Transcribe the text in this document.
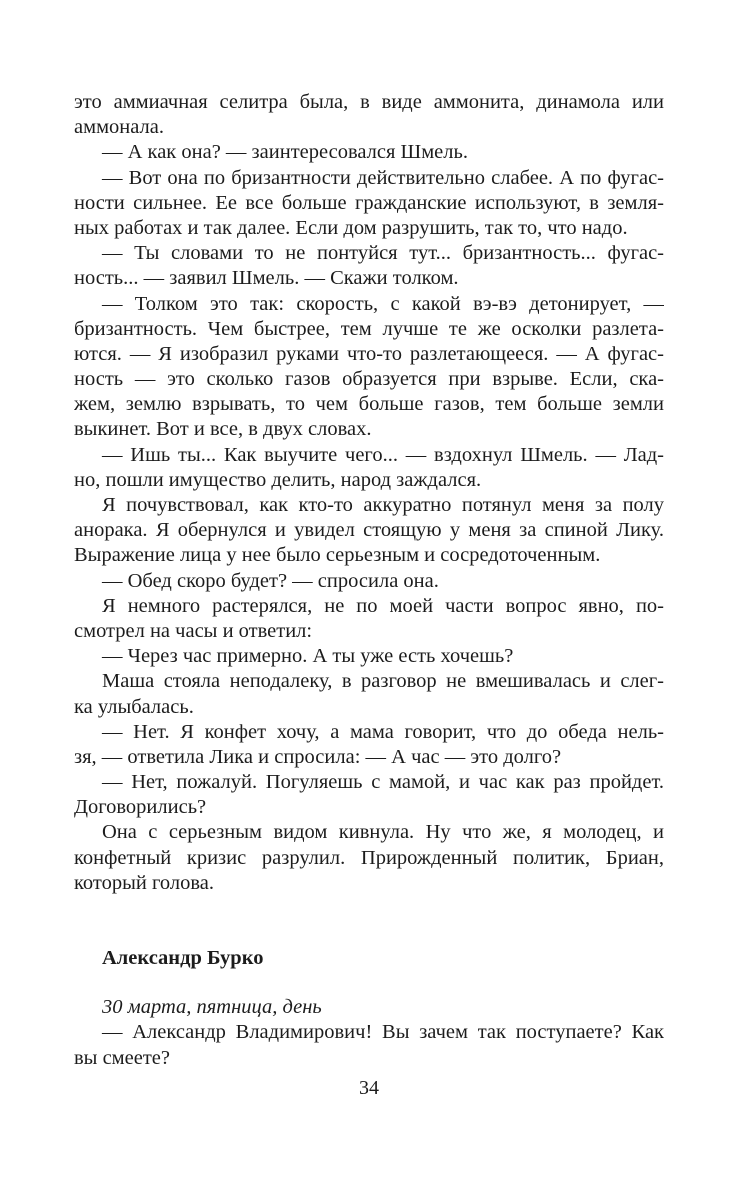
это аммиачная селитра была, в виде аммонита, динамола или
аммонала.
— А как она? — заинтересовался Шмель.
— Вот она по бризантности действительно слабее. А по фугас-
ности сильнее. Ее все больше гражданские используют, в земля-
ных работах и так далее. Если дом разрушить, так то, что надо.
— Ты словами то не понтуйся тут... бризантность... фугас-
ность... — заявил Шмель. — Скажи толком.
— Толком это так: скорость, с какой вэ-вэ детонирует, —
бризантность. Чем быстрее, тем лучше те же осколки разлета-
ются. — Я изобразил руками что-то разлетающееся. — А фугас-
ность — это сколько газов образуется при взрыве. Если, ска-
жем, землю взрывать, то чем больше газов, тем больше земли
выкинет. Вот и все, в двух словах.
— Ишь ты... Как выучите чего... — вздохнул Шмель. — Лад-
но, пошли имущество делить, народ заждался.
Я почувствовал, как кто-то аккуратно потянул меня за полу
анорака. Я обернулся и увидел стоящую у меня за спиной Лику.
Выражение лица у нее было серьезным и сосредоточенным.
— Обед скоро будет? — спросила она.
Я немного растерялся, не по моей части вопрос явно, по-
смотрел на часы и ответил:
— Через час примерно. А ты уже есть хочешь?
Маша стояла неподалеку, в разговор не вмешивалась и слег-
ка улыбалась.
— Нет. Я конфет хочу, а мама говорит, что до обеда нель-
зя, — ответила Лика и спросила: — А час — это долго?
— Нет, пожалуй. Погуляешь с мамой, и час как раз пройдет.
Договорились?
Она с серьезным видом кивнула. Ну что же, я молодец, и
конфетный кризис разрулил. Прирожденный политик, Бриан,
который голова.
Александр Бурко
30 марта, пятница, день
— Александр Владимирович! Вы зачем так поступаете? Как
вы смеете?
34
